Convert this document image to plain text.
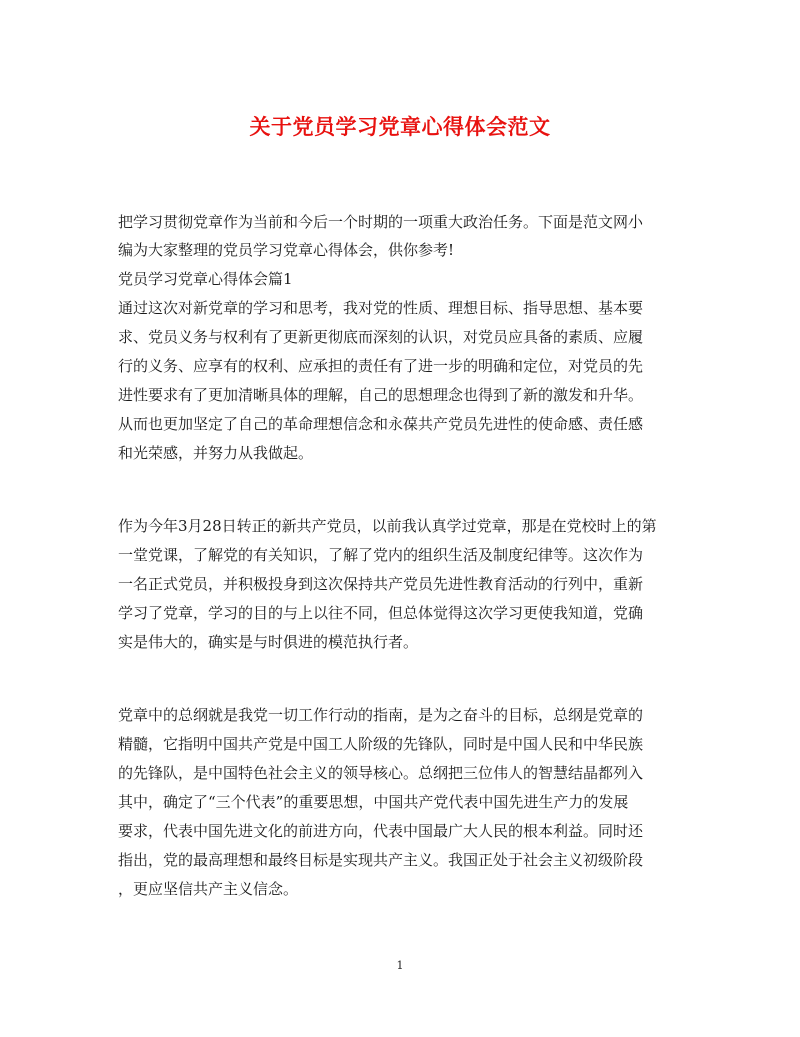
关于党员学习党章心得体会范文
把学习贯彻党章作为当前和今后一个时期的一项重大政治任务。下面是范文网小
编为大家整理的党员学习党章心得体会，供你参考!
党员学习党章心得体会篇1
通过这次对新党章的学习和思考，我对党的性质、理想目标、指导思想、基本要
求、党员义务与权利有了更新更彻底而深刻的认识，对党员应具备的素质、应履
行的义务、应享有的权利、应承担的责任有了进一步的明确和定位，对党员的先
进性要求有了更加清晰具体的理解，自己的思想理念也得到了新的激发和升华。
从而也更加坚定了自己的革命理想信念和永葆共产党员先进性的使命感、责任感
和光荣感，并努力从我做起。
作为今年3月28日转正的新共产党员，以前我认真学过党章，那是在党校时上的第
一堂党课，了解党的有关知识，了解了党内的组织生活及制度纪律等。这次作为
一名正式党员，并积极投身到这次保持共产党员先进性教育活动的行列中，重新
学习了党章，学习的目的与上以往不同，但总体觉得这次学习更使我知道，党确
实是伟大的，确实是与时俱进的模范执行者。
党章中的总纲就是我党一切工作行动的指南，是为之奋斗的目标，总纲是党章的
精髓，它指明中国共产党是中国工人阶级的先锋队，同时是中国人民和中华民族
的先锋队，是中国特色社会主义的领导核心。总纲把三位伟人的智慧结晶都列入
其中，确定了“三个代表”的重要思想，中国共产党代表中国先进生产力的发展
要求，代表中国先进文化的前进方向，代表中国最广大人民的根本利益。同时还
指出，党的最高理想和最终目标是实现共产主义。我国正处于社会主义初级阶段
，更应坚信共产主义信念。
1
